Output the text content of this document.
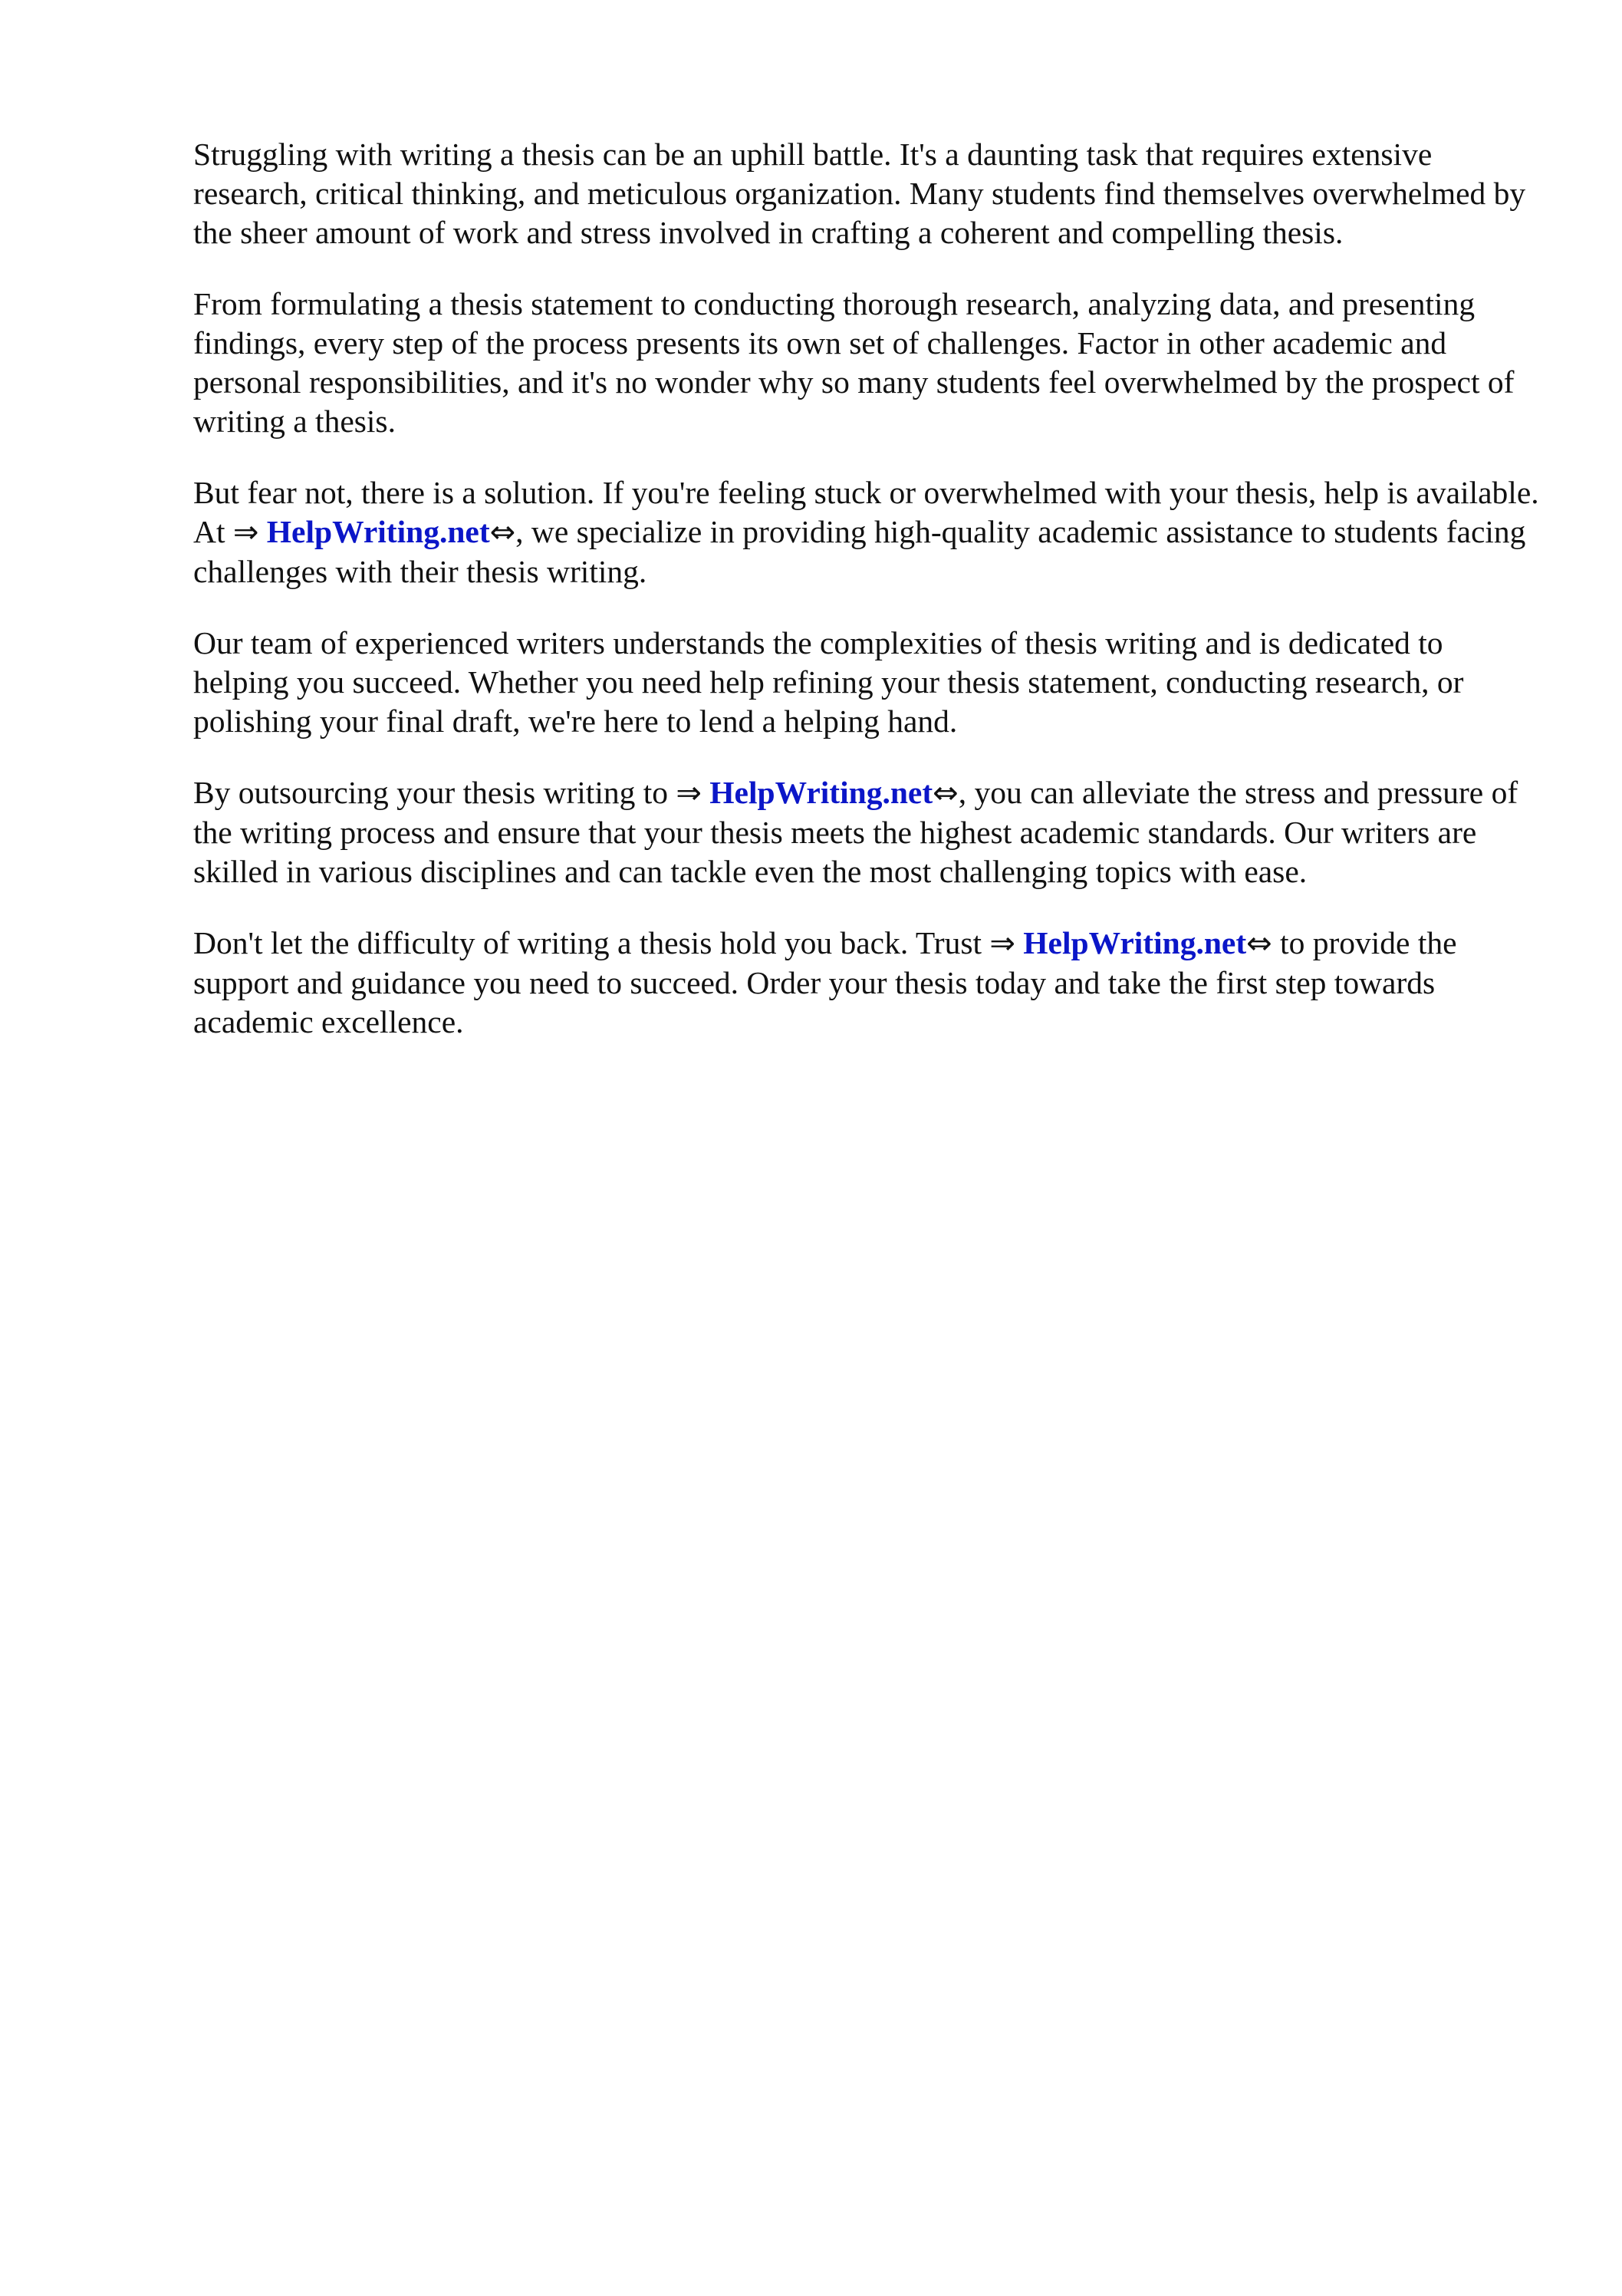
Struggling with writing a thesis can be an uphill battle. It's a daunting task that requires extensive research, critical thinking, and meticulous organization. Many students find themselves overwhelmed by the sheer amount of work and stress involved in crafting a coherent and compelling thesis.

From formulating a thesis statement to conducting thorough research, analyzing data, and presenting findings, every step of the process presents its own set of challenges. Factor in other academic and personal responsibilities, and it's no wonder why so many students feel overwhelmed by the prospect of writing a thesis.

But fear not, there is a solution. If you're feeling stuck or overwhelmed with your thesis, help is available. At ⇒ HelpWriting.net⇔, we specialize in providing high-quality academic assistance to students facing challenges with their thesis writing.

Our team of experienced writers understands the complexities of thesis writing and is dedicated to helping you succeed. Whether you need help refining your thesis statement, conducting research, or polishing your final draft, we're here to lend a helping hand.

By outsourcing your thesis writing to ⇒ HelpWriting.net⇔, you can alleviate the stress and pressure of the writing process and ensure that your thesis meets the highest academic standards. Our writers are skilled in various disciplines and can tackle even the most challenging topics with ease.

Don't let the difficulty of writing a thesis hold you back. Trust ⇒ HelpWriting.net⇔ to provide the support and guidance you need to succeed. Order your thesis today and take the first step towards academic excellence.
